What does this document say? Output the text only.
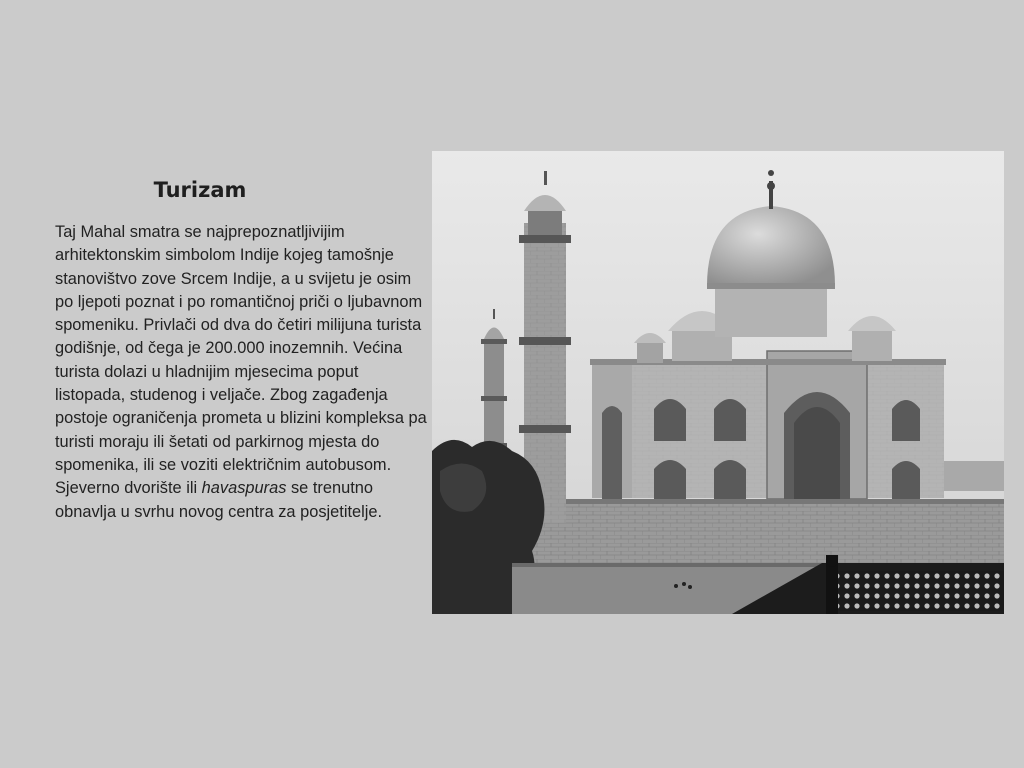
Turizam

Taj Mahal smatra se najprepoznatljivijim arhitektonskim simbolom Indije kojeg tamošnje stanovištvo zove Srcem Indije, a u svijetu je osim po ljepoti poznat i po romantičnoj priči o ljubavnom spomeniku. Privlači od dva do četiri milijuna turista godišnje, od čega je 200.000 inozemnih. Većina turista dolazi u hladnijim mjesecima poput listopada, studenog i veljače. Zbog zagađenja postoje ograničenja prometa u blizini kompleksa pa turisti moraju ili šetati od parkirnog mjesta do spomenika, ili se voziti električnim autobusom. Sjeverno dvorište ili havaspuras se trenutno obnavlja u svrhu novog centra za posjetitelje.
